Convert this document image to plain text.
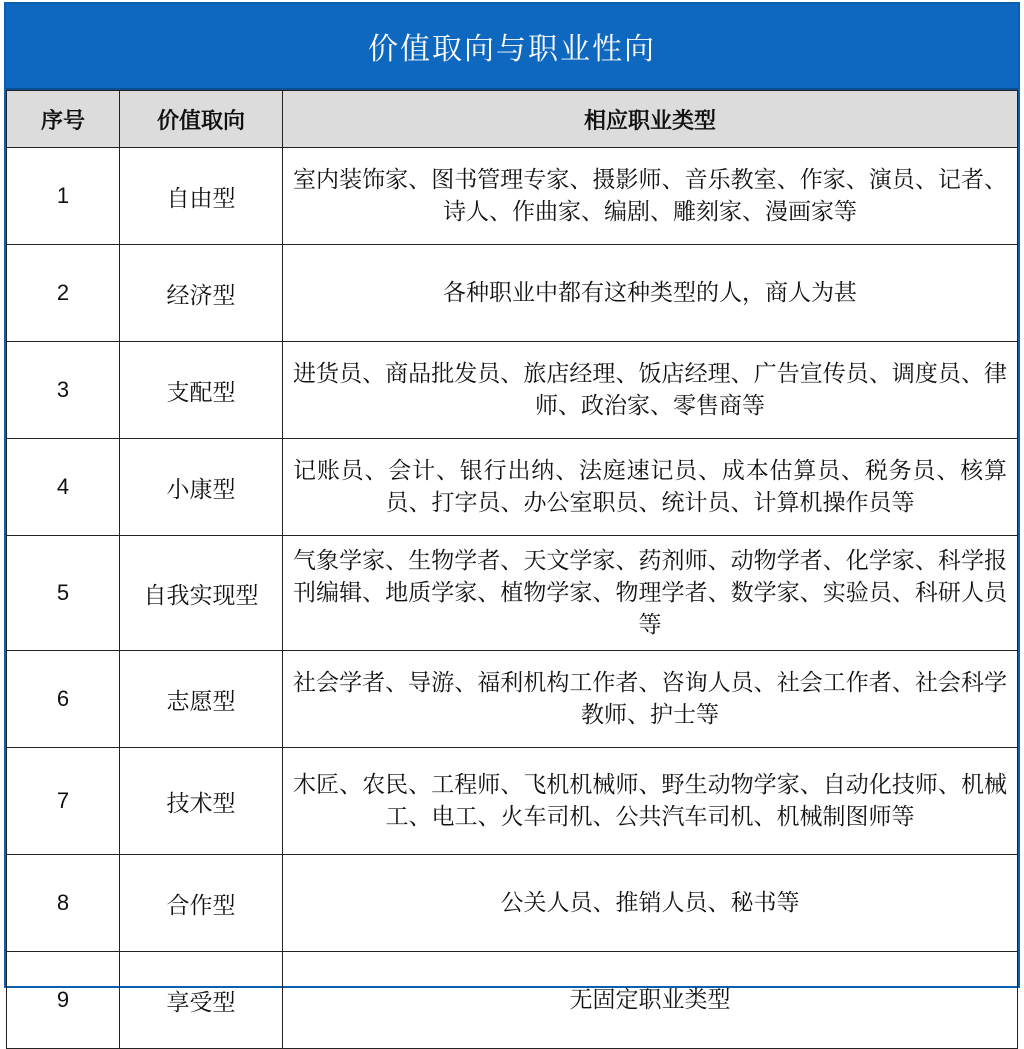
价值取向与职业性向
序号	价值取向	相应职业类型
1	自由型	室内装饰家、图书管理专家、摄影师、音乐教室、作家、演员、记者、诗人、作曲家、编剧、雕刻家、漫画家等
2	经济型	各种职业中都有这种类型的人，商人为甚
3	支配型	进货员、商品批发员、旅店经理、饭店经理、广告宣传员、调度员、律师、政治家、零售商等
4	小康型	记账员、会计、银行出纳、法庭速记员、成本估算员、税务员、核算员、打字员、办公室职员、统计员、计算机操作员等
5	自我实现型	气象学家、生物学者、天文学家、药剂师、动物学者、化学家、科学报刊编辑、地质学家、植物学家、物理学者、数学家、实验员、科研人员等
6	志愿型	社会学者、导游、福利机构工作者、咨询人员、社会工作者、社会科学教师、护士等
7	技术型	木匠、农民、工程师、飞机机械师、野生动物学家、自动化技师、机械工、电工、火车司机、公共汽车司机、机械制图师等
8	合作型	公关人员、推销人员、秘书等
9	享受型	无固定职业类型
